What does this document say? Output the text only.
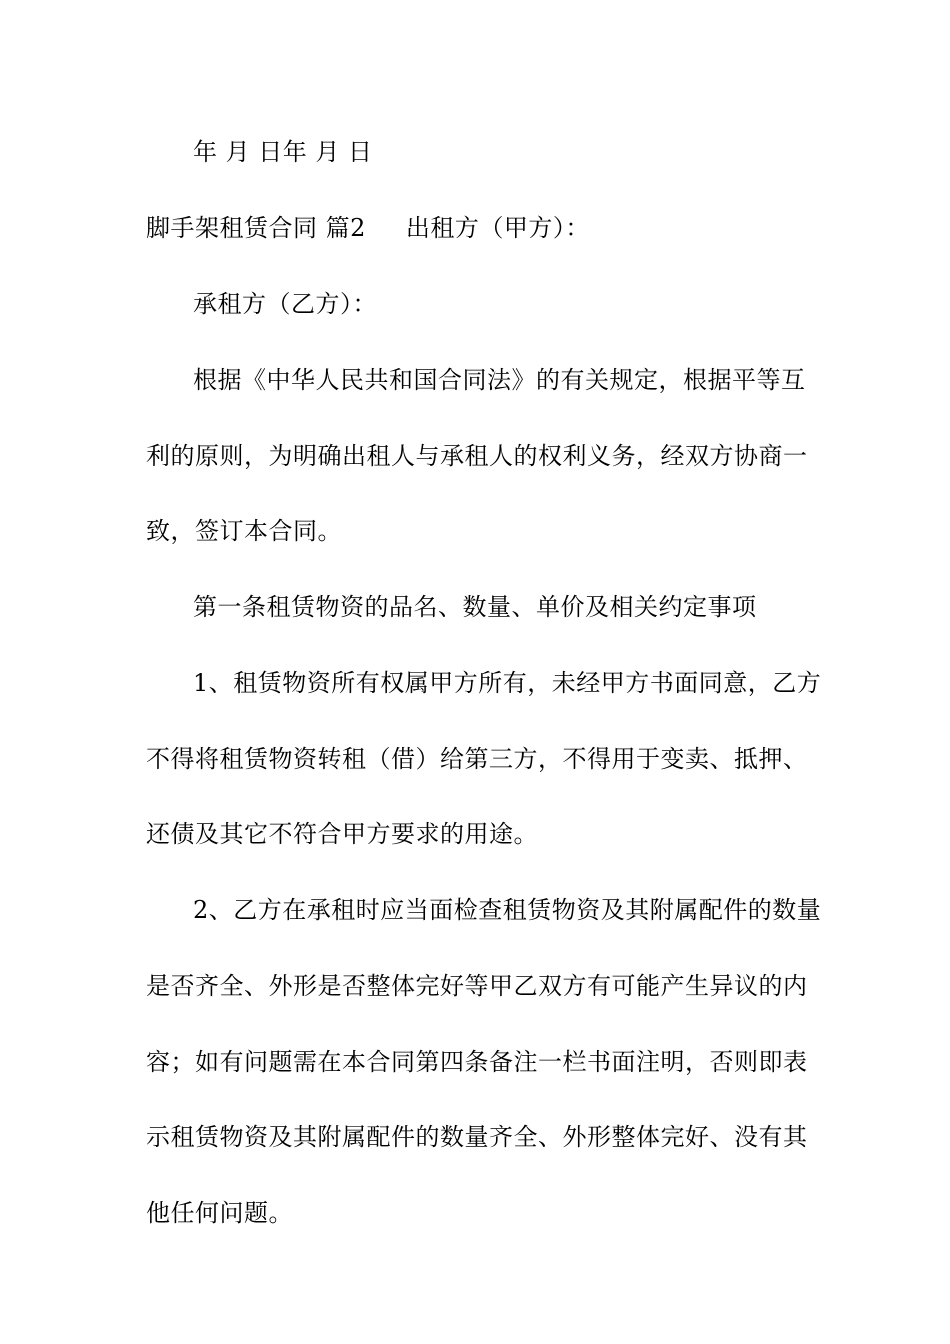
年 月 日年 月 日
脚手架租赁合同 篇2 出租方（甲方）：
承租方（乙方）：
根据《中华人民共和国合同法》的有关规定，根据平等互
利的原则，为明确出租人与承租人的权利义务，经双方协商一
致，签订本合同。
第一条租赁物资的品名、数量、单价及相关约定事项
1、租赁物资所有权属甲方所有，未经甲方书面同意，乙方
不得将租赁物资转租（借）给第三方，不得用于变卖、抵押、
还债及其它不符合甲方要求的用途。
2、乙方在承租时应当面检查租赁物资及其附属配件的数量
是否齐全、外形是否整体完好等甲乙双方有可能产生异议的内
容；如有问题需在本合同第四条备注一栏书面注明，否则即表
示租赁物资及其附属配件的数量齐全、外形整体完好、没有其
他任何问题。
